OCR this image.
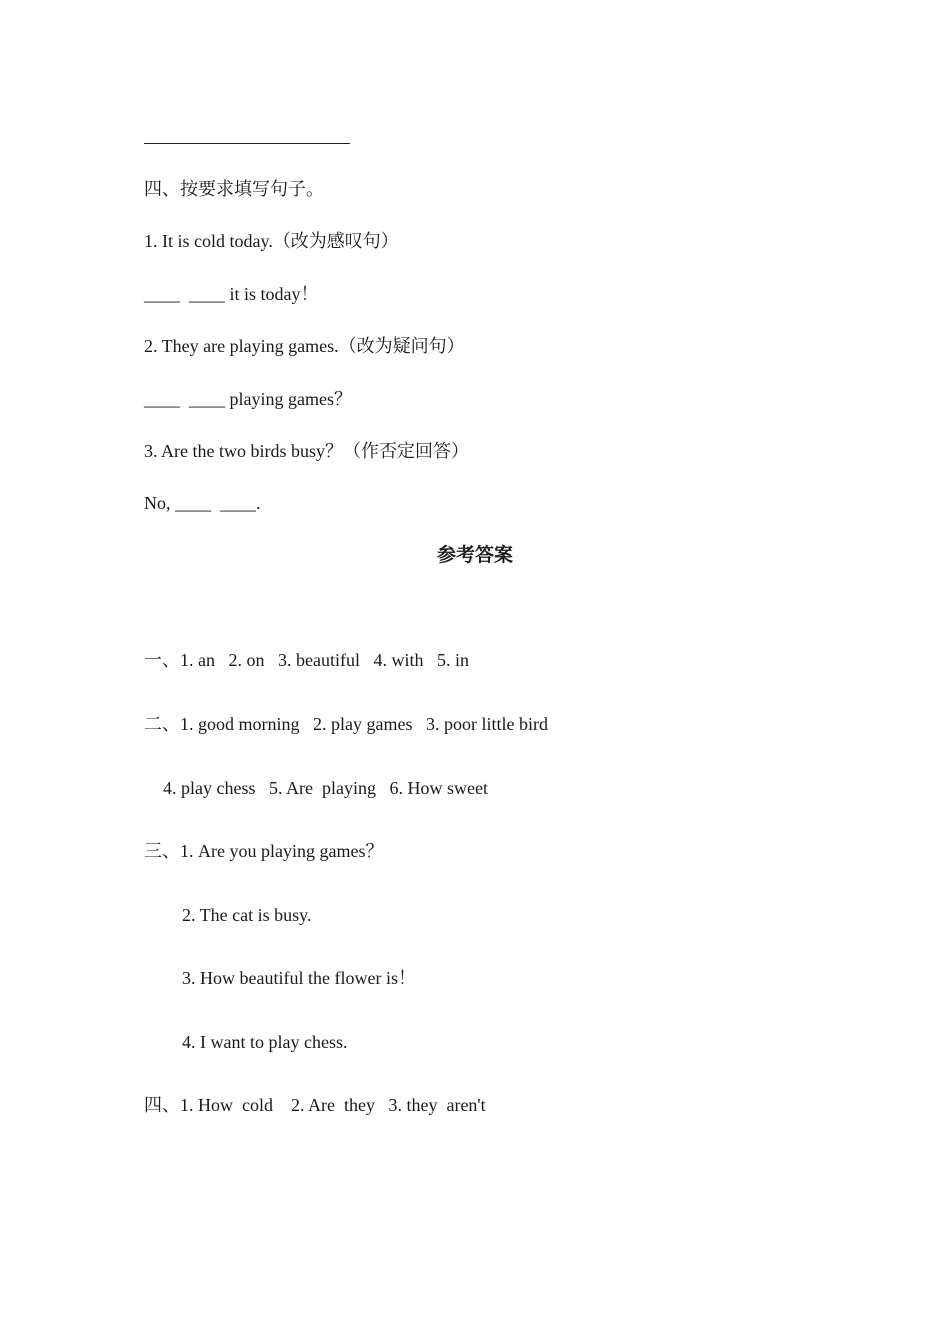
四、按要求填写句子。
1. It is cold today.（改为感叹句）
____  ____ it is today！
2. They are playing games.（改为疑问句）
____  ____ playing games？
3. Are the two birds busy？（作否定回答）
No, ____  ____.
参考答案
一、1. an   2. on   3. beautiful   4. with   5. in
二、1. good morning   2. play games   3. poor little bird
4. play chess   5. Are  playing   6. How sweet
三、1. Are you playing games？
2. The cat is busy.
3. How beautiful the flower is！
4. I want to play chess.
四、1. How  cold    2. Are  they   3. they  aren't
